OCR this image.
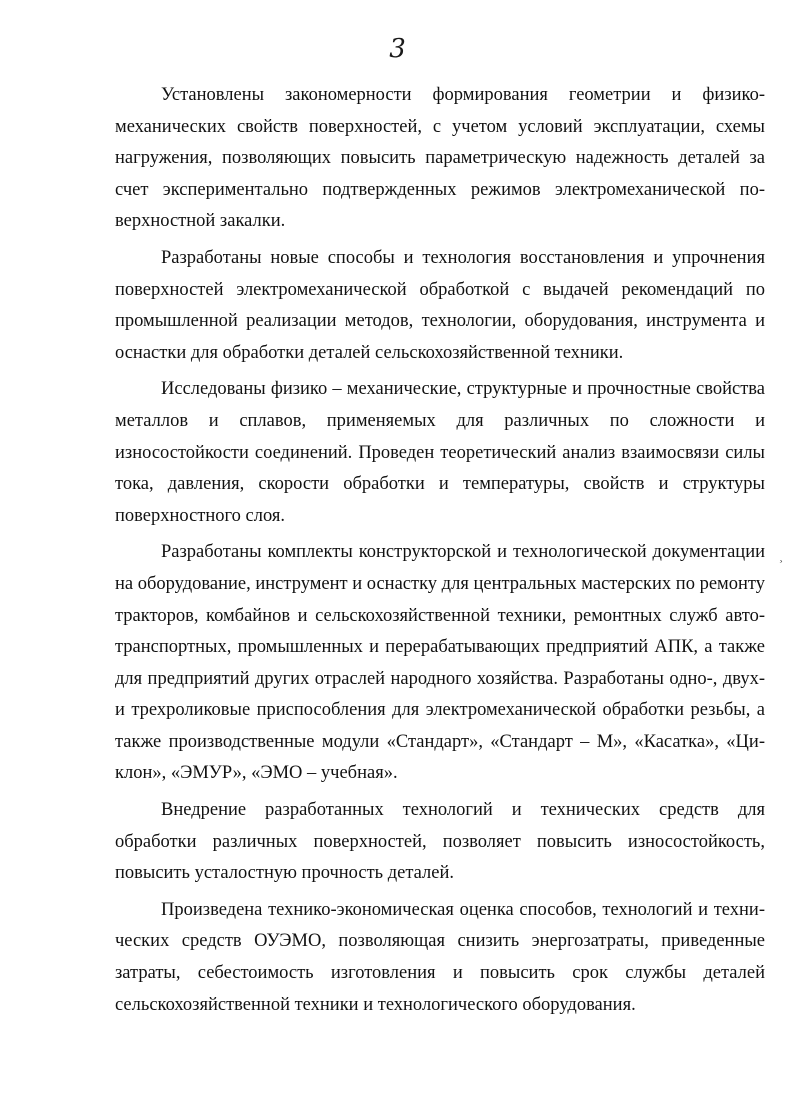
3

Установлены закономерности формирования геометрии и физико-механических свойств поверхностей, с учетом условий эксплуатации, схемы нагружения, позволяющих повысить параметрическую надежность деталей за счет экспериментально подтвержденных режимов электромеханической поверхностной закалки.

Разработаны новые способы и технология восстановления и упрочнения поверхностей электромеханической обработкой с выдачей рекомендаций по промышленной реализации методов, технологии, оборудования, инструмента и оснастки для обработки деталей сельскохозяйственной техники.

Исследованы физико – механические, структурные и прочностные свойства металлов и сплавов, применяемых для различных по сложности и износостойкости соединений. Проведен теоретический анализ взаимосвязи силы тока, давления, скорости обработки и температуры, свойств и структуры поверхностного слоя.

Разработаны комплекты конструкторской и технологической документации на оборудование, инструмент и оснастку для центральных мастерских по ремонту тракторов, комбайнов и сельскохозяйственной техники, ремонтных служб автотранспортных, промышленных и перерабатывающих предприятий АПК, а также для предприятий других отраслей народного хозяйства. Разработаны одно-, двух- и трехроликовые приспособления для электромеханической обработки резьбы, а также производственные модули «Стандарт», «Стандарт – М», «Касатка», «Циклон», «ЭМУР», «ЭМО – учебная».

Внедрение разработанных технологий и технических средств для обработки различных поверхностей, позволяет повысить износостойкость, повысить усталостную прочность деталей.

Произведена технико-экономическая оценка способов, технологий и технических средств ОУЭМО, позволяющая снизить энергозатраты, приведенные затраты, себестоимость изготовления и повысить срок службы деталей сельскохозяйственной техники и технологического оборудования.

¸
